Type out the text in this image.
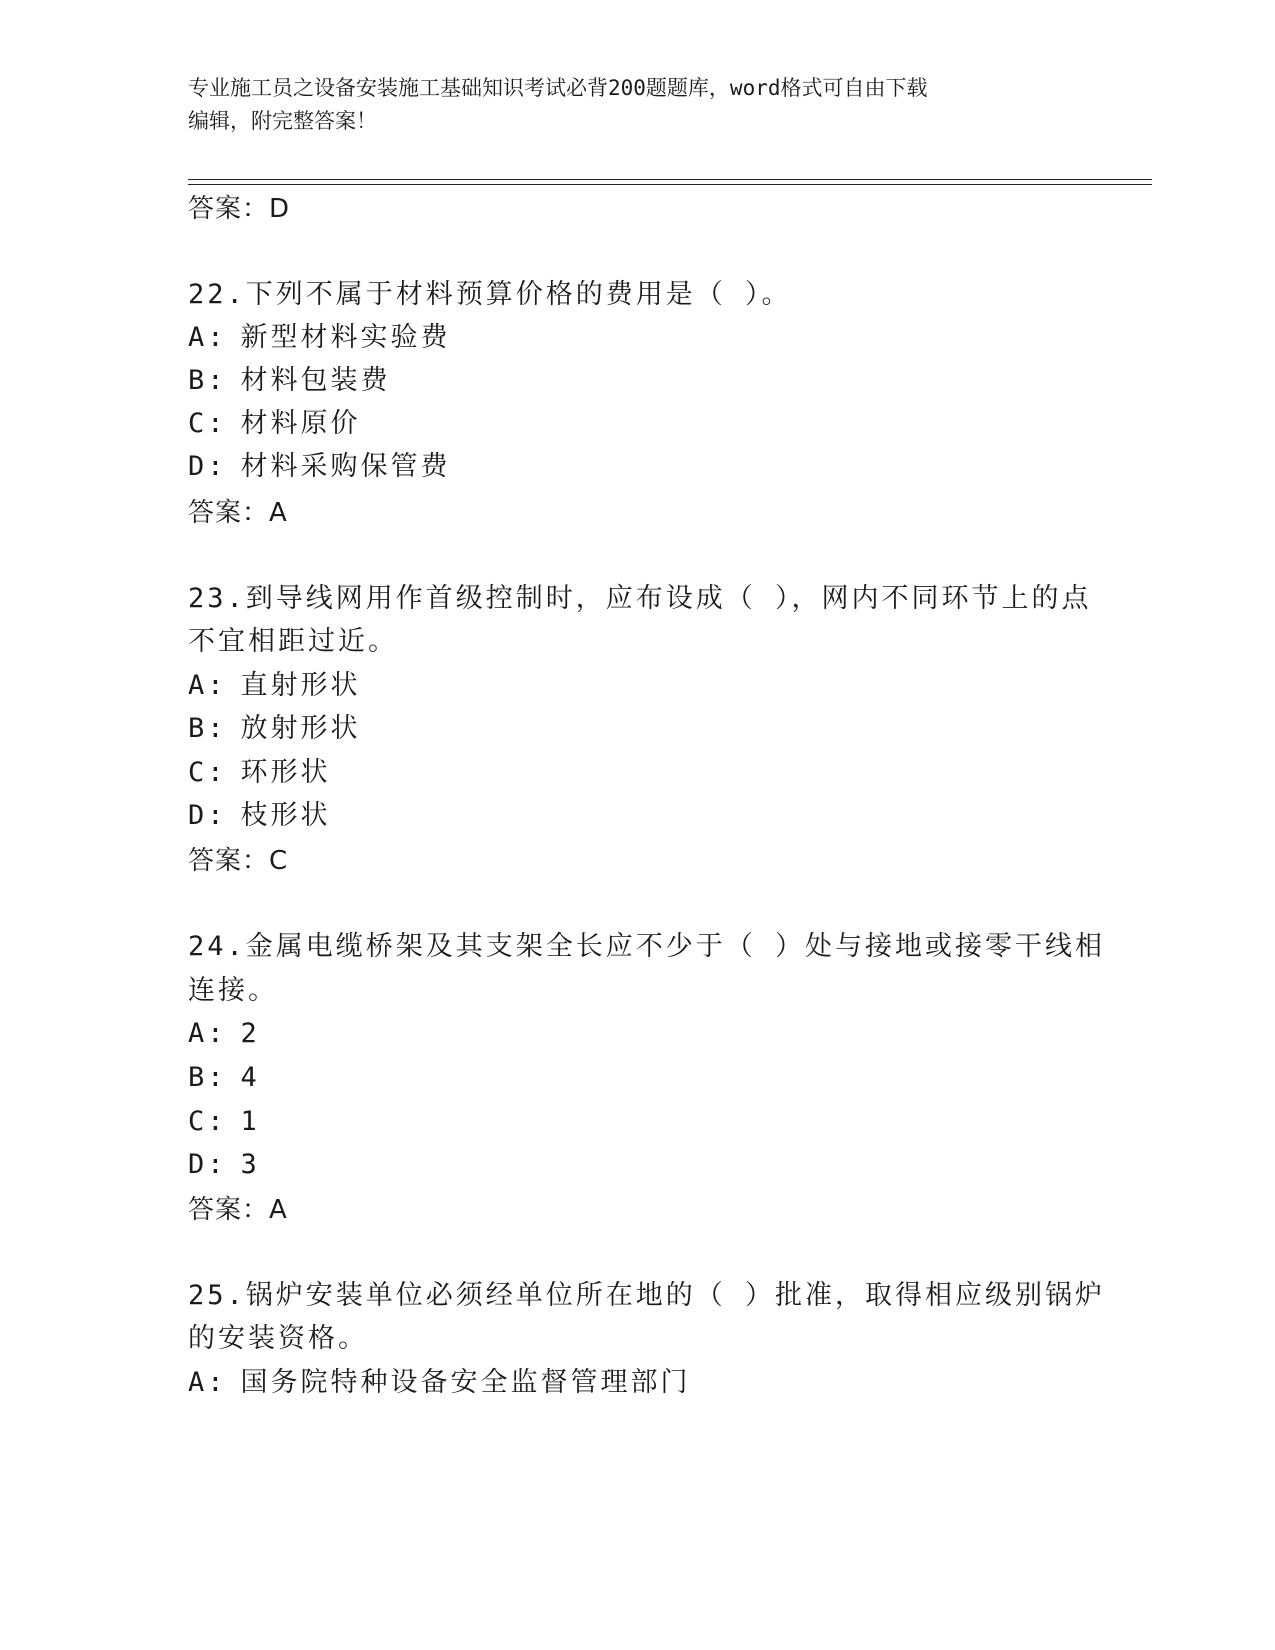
专业施工员之设备安装施工基础知识考试必背200题题库，word格式可自由下载
编辑，附完整答案！
答案：D
22.下列不属于材料预算价格的费用是（ ）。
A: 新型材料实验费
B: 材料包装费
C: 材料原价
D: 材料采购保管费
答案：A
23.到导线网用作首级控制时，应布设成（ ），网内不同环节上的点
不宜相距过近。
A: 直射形状
B: 放射形状
C: 环形状
D: 枝形状
答案：C
24.金属电缆桥架及其支架全长应不少于（ ）处与接地或接零干线相
连接。
A: 2
B: 4
C: 1
D: 3
答案：A
25.锅炉安装单位必须经单位所在地的（ ）批准，取得相应级别锅炉
的安装资格。
A: 国务院特种设备安全监督管理部门
